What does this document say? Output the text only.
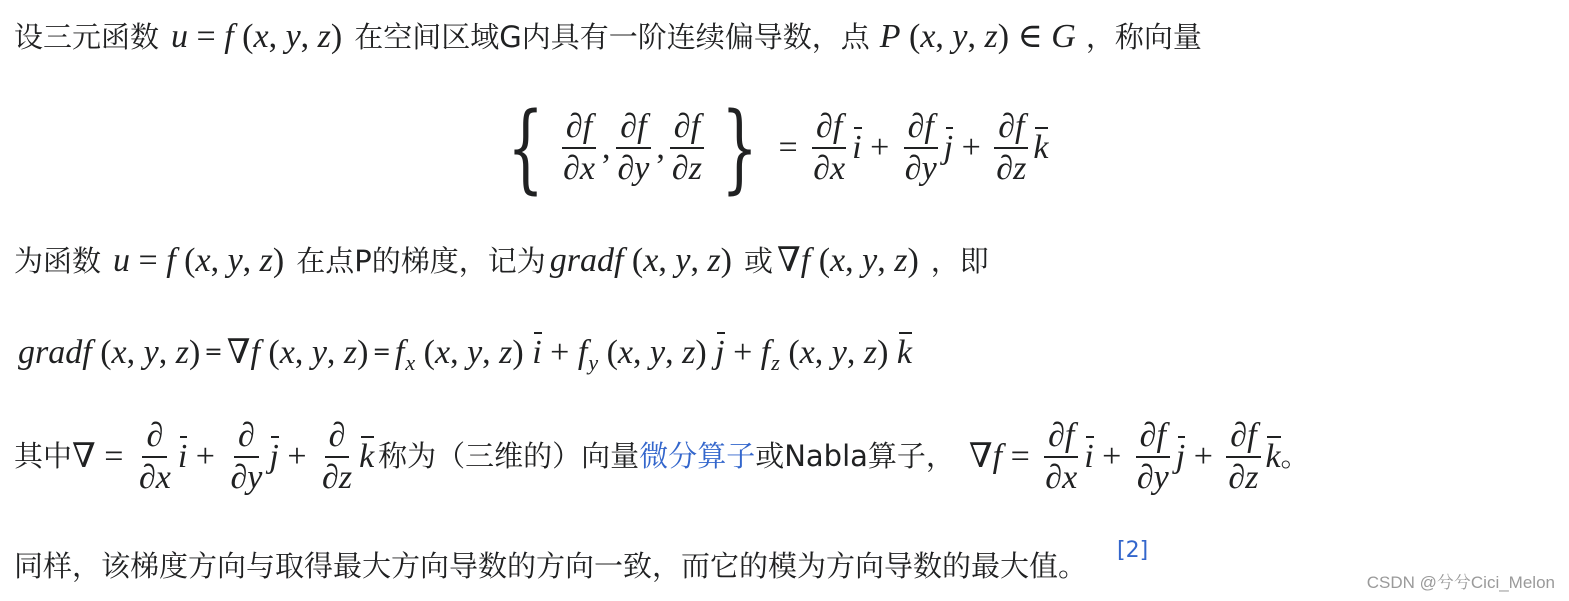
设三元函数 u = f ( x , y , z ) 在空间区域G内具有一阶连续偏导数，点 P ( x , y , z ) ∈ G ，称向量
{ $\frac{\partial f}{\partial x}$ , $\frac{\partial f}{\partial y}$ , $\frac{\partial f}{\partial z}$ } = $\frac{\partial f}{\partial x}$ $i + \frac{\partial f}{\partial y}$ $j + \frac{\partial f}{\partial z}$ k
为函数 u = f ( x , y , z ) 在点P的梯度，记为 gradf ( x , y , z ) 或 ∇ f ( x , y , z ) ，即
gradf ( x , y , z ) = ∇ f ( x , y , z ) = f x ( x , y , z ) i + f y ( x , y , z ) j + f z ( x , y , z ) k
其中 ∇ = $\frac{\partial}{\partial x}$ $i + \frac{\partial}{\partial y}$ $j + \frac{\partial}{\partial z}$ k 称为（三维的）向量 微分算子 或Nabla算子， ∇ $f = \frac{\partial f}{\partial x}$ $i + \frac{\partial f}{\partial y}$ $j + \frac{\partial f}{\partial z}$ k 。
同样，该梯度方向与取得最大方向导数的方向一致，而它的模为方向导数的最大值。 [2]
CSDN @兮兮Cici_Melon
